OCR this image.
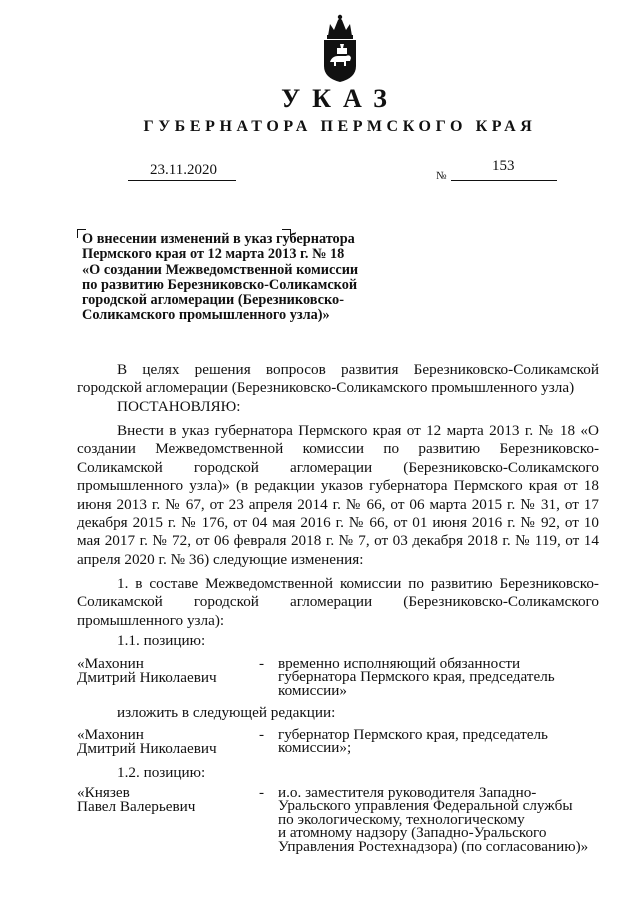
УКАЗ
ГУБЕРНАТОРА ПЕРМСКОГО КРАЯ
23.11.2020	№
153
О внесении изменений в указ губернатора
Пермского края от 12 марта 2013 г. № 18
«О создании Межведомственной комиссии
по развитию Березниковско-Соликамской
городской агломерации (Березниковско-
Соликамского промышленного узла)»
В целях решения вопросов развития Березниковско-Соликамской городской агломерации (Березниковско-Соликамского промышленного узла)
ПОСТАНОВЛЯЮ:
Внести в указ губернатора Пермского края от 12 марта 2013 г. № 18 «О создании Межведомственной комиссии по развитию Березниковско-Соликамской городской агломерации (Березниковско-Соликамского промышленного узла)» (в редакции указов губернатора Пермского края от 18 июня 2013 г. № 67, от 23 апреля 2014 г. № 66, от 06 марта 2015 г. № 31, от 17 декабря 2015 г. № 176, от 04 мая 2016 г. № 66, от 01 июня 2016 г. № 92, от 10 мая 2017 г. № 72, от 06 февраля 2018 г. № 7, от 03 декабря 2018 г. № 119, от 14 апреля 2020 г. № 36) следующие изменения:
1. в составе Межведомственной комиссии по развитию Березниковско-Соликамской городской агломерации (Березниковско-Соликамского промышленного узла):
1.1. позицию:
«Махонин
Дмитрий Николаевич
- временно исполняющий обязанности
губернатора Пермского края, председатель
комиссии»
изложить в следующей редакции:
«Махонин
Дмитрий Николаевич
- губернатор Пермского края, председатель
комиссии»;
1.2. позицию:
«Князев
Павел Валерьевич
- и.о. заместителя руководителя Западно-
Уральского управления Федеральной службы
по экологическому, технологическому
и атомному надзору (Западно-Уральского
Управления Ростехнадзора) (по согласованию)»
